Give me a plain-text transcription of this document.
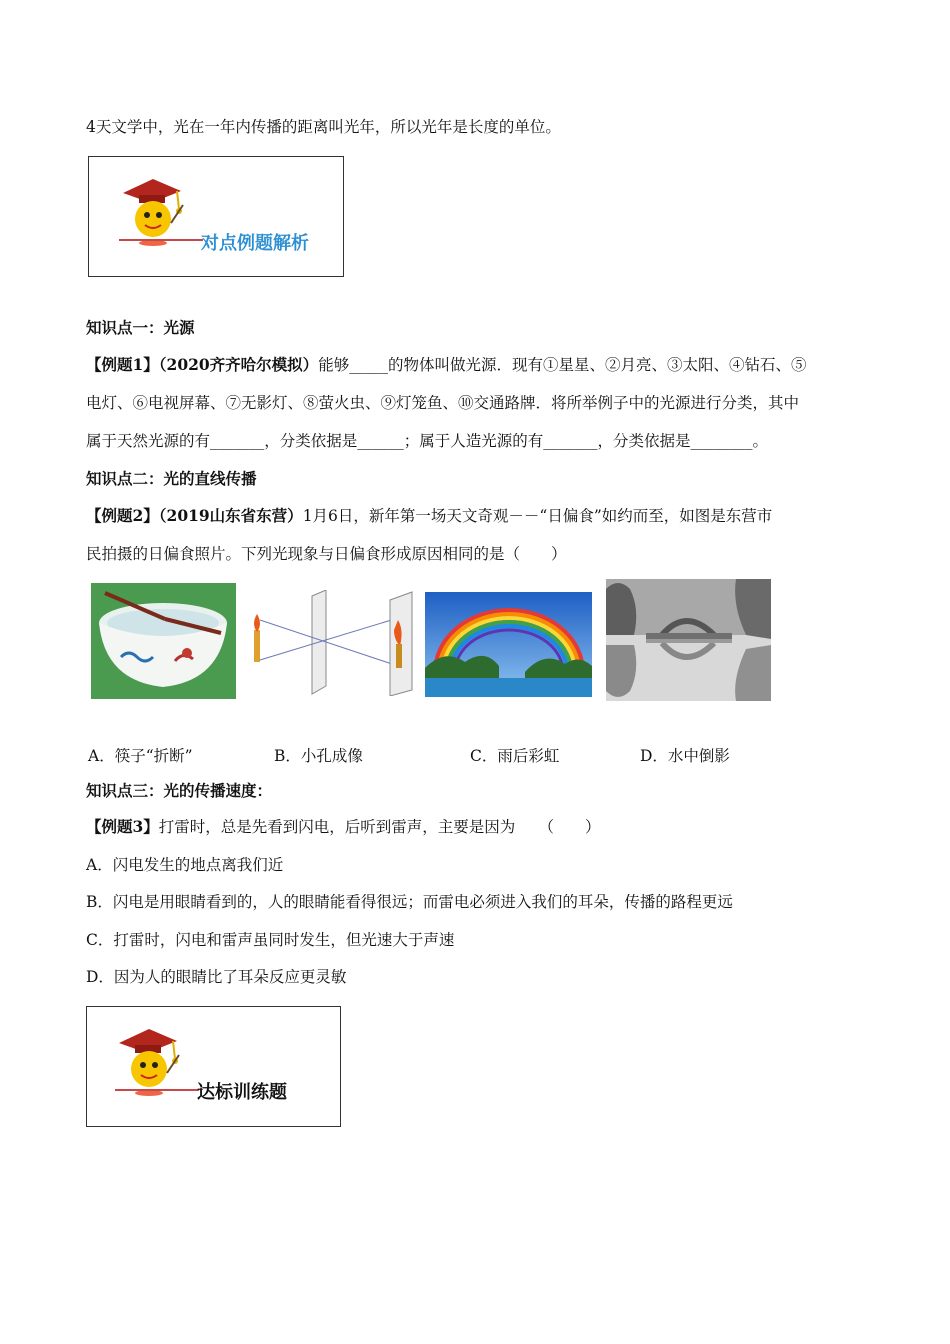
4天文学中，光在一年内传播的距离叫光年，所以光年是长度的单位。
对点例题解析
知识点一：光源
【例题1】（2020齐齐哈尔模拟）能够_____的物体叫做光源．现有①星星、②月亮、③太阳、④钻石、⑤
电灯、⑥电视屏幕、⑦无影灯、⑧萤火虫、⑨灯笼鱼、⑩交通路牌．将所举例子中的光源进行分类，其中
属于天然光源的有_______，分类依据是______；属于人造光源的有_______，分类依据是________。
知识点二：光的直线传播
【例题2】（2019山东省东营）1月6日，新年第一场天文奇观－－“日偏食”如约而至，如图是东营市
民拍摄的日偏食照片。下列光现象与日偏食形成原因相同的是（　　）
A．筷子“折断”	B．小孔成像	C．雨后彩虹	D．水中倒影
知识点三：光的传播速度：
【例题3】打雷时，总是先看到闪电，后听到雷声，主要是因为　　（　　）
A．闪电发生的地点离我们近
B．闪电是用眼睛看到的，人的眼睛能看得很远；而雷电必须进入我们的耳朵，传播的路程更远
C．打雷时，闪电和雷声虽同时发生，但光速大于声速
D．因为人的眼睛比了耳朵反应更灵敏
达标训练题
